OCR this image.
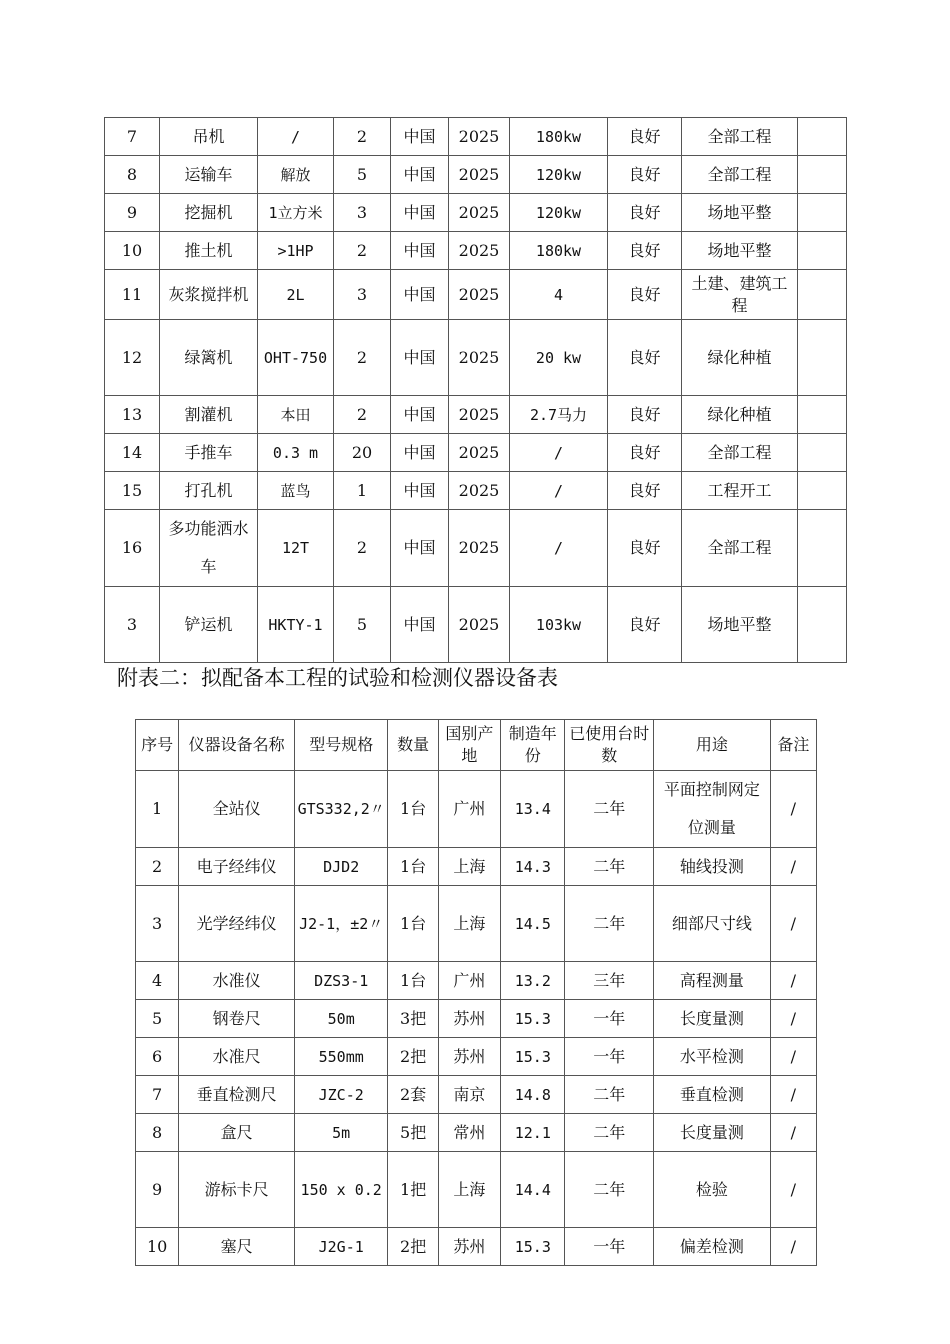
7	吊机	/	2	中国	2025	180kw	良好	全部工程	
8	运输车	解放	5	中国	2025	120kw	良好	全部工程	
9	挖掘机	1立方米	3	中国	2025	120kw	良好	场地平整	
10	推土机	>1HP	2	中国	2025	180kw	良好	场地平整	
11	灰浆搅拌机	2L	3	中国	2025	4	良好	土建、建筑工程	
12	绿篱机	OHT-750	2	中国	2025	20 kw	良好	绿化种植	
13	割灌机	本田	2	中国	2025	2.7马力	良好	绿化种植	
14	手推车	0.3 m	20	中国	2025	/	良好	全部工程	
15	打孔机	蓝鸟	1	中国	2025	/	良好	工程开工	
16	多功能洒水车	12T	2	中国	2025	/	良好	全部工程	
3	铲运机	HKTY-1	5	中国	2025	103kw	良好	场地平整	
附表二：拟配备本工程的试验和检测仪器设备表
序号	仪器设备名称	型号规格	数量	国别产地	制造年份	已使用台时数	用途	备注
1	全站仪	GTS332,2〃	1台	广州	13.4	二年	平面控制网定位测量	/
2	电子经纬仪	DJD2	1台	上海	14.3	二年	轴线投测	/
3	光学经纬仪	J2-1，±2〃	1台	上海	14.5	二年	细部尺寸线	/
4	水准仪	DZS3-1	1台	广州	13.2	三年	高程测量	/
5	钢卷尺	50m	3把	苏州	15.3	一年	长度量测	/
6	水准尺	550mm	2把	苏州	15.3	一年	水平检测	/
7	垂直检测尺	JZC-2	2套	南京	14.8	二年	垂直检测	/
8	盒尺	5m	5把	常州	12.1	二年	长度量测	/
9	游标卡尺	150 x 0.2	1把	上海	14.4	二年	检验	/
10	塞尺	J2G-1	2把	苏州	15.3	一年	偏差检测	/
